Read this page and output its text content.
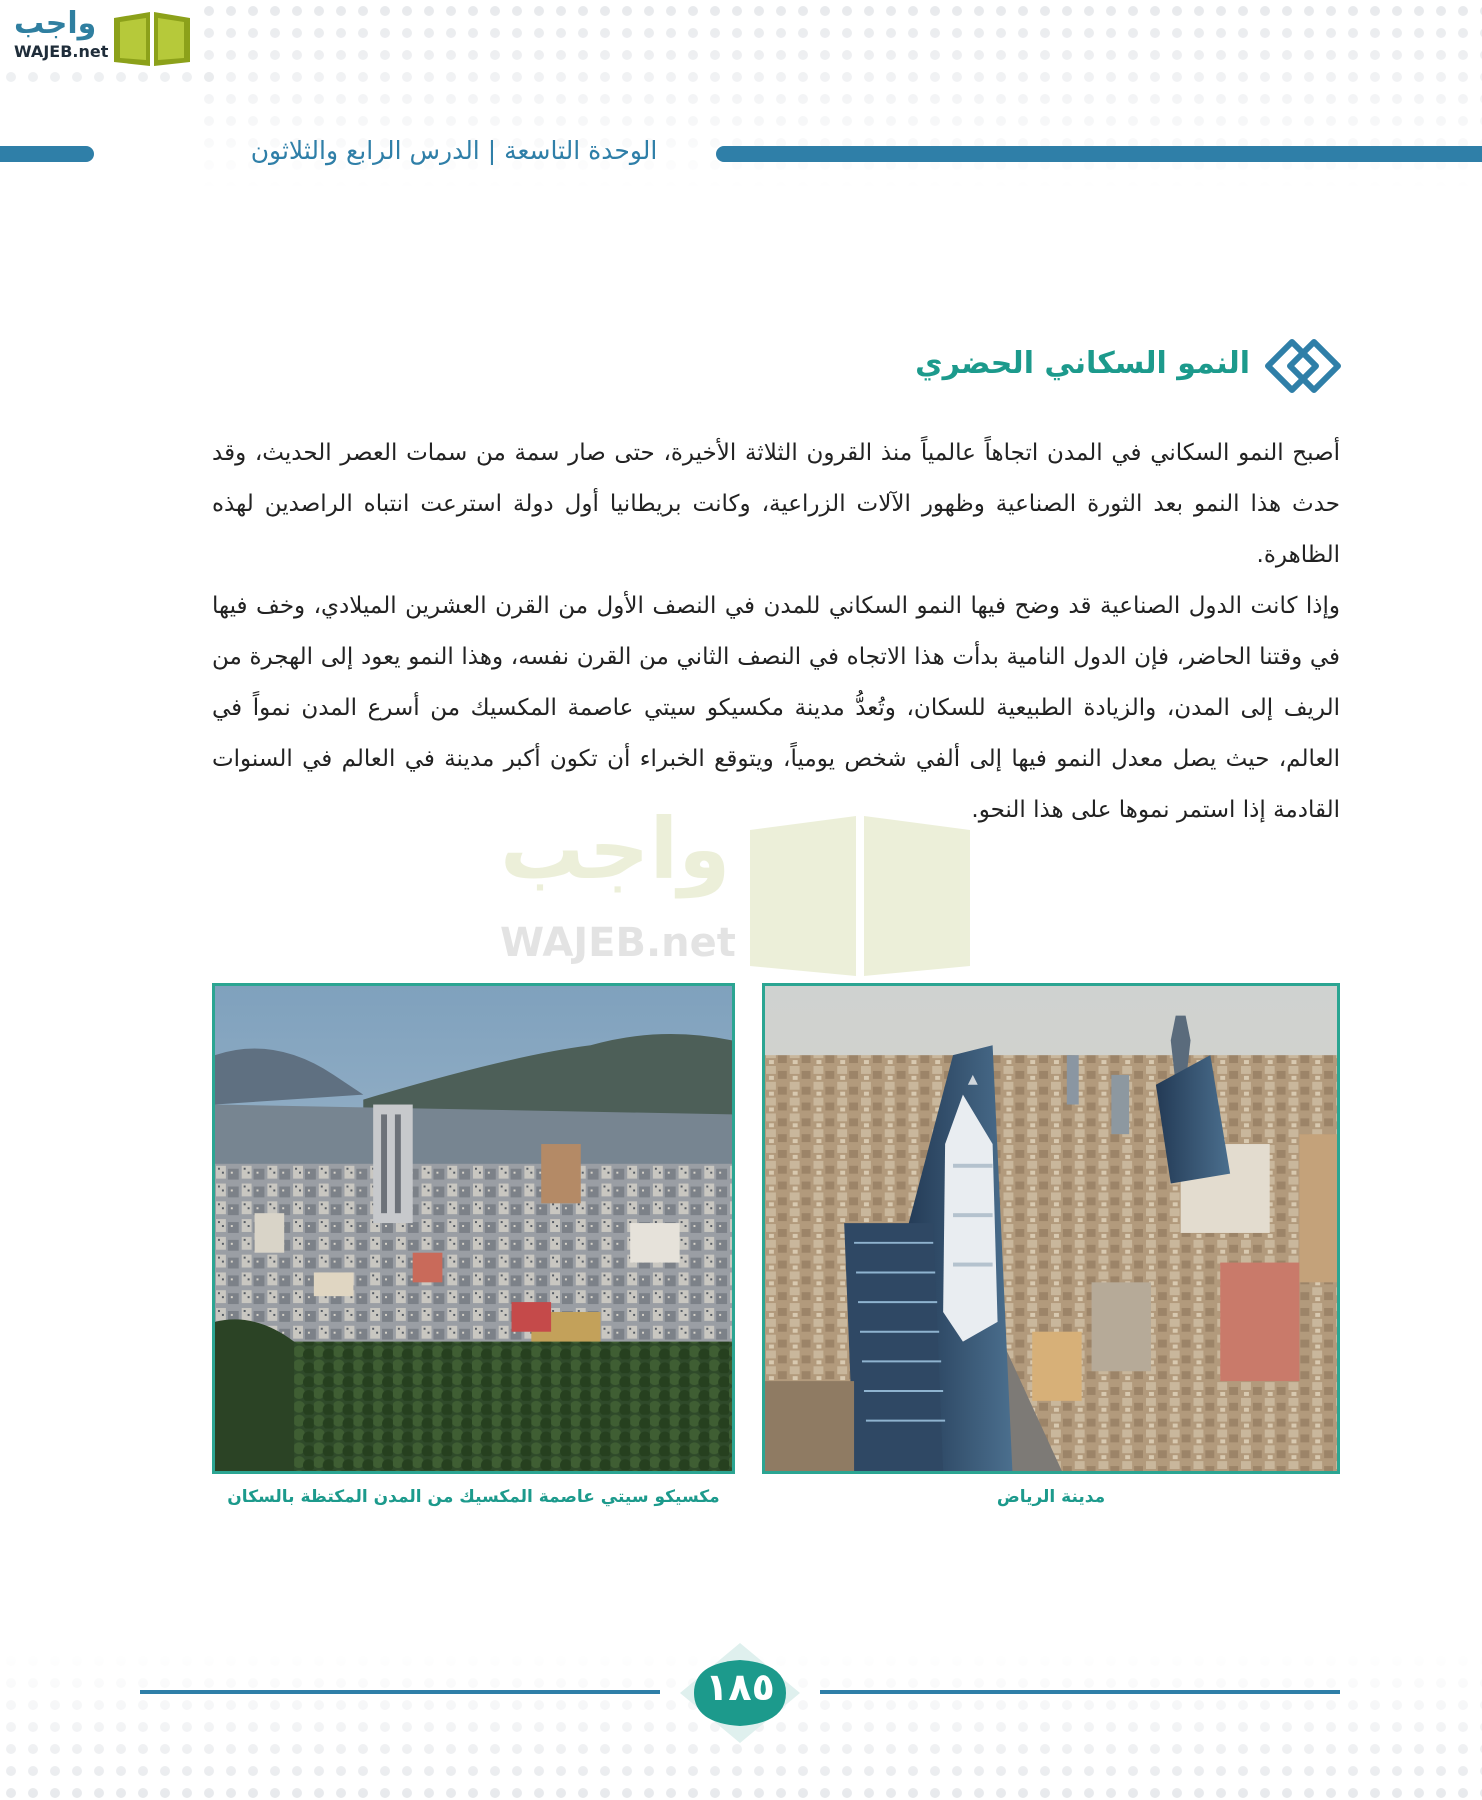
واجب
WAJEB.net
الوحدة التاسعة | الدرس الرابع والثلاثون
النمو السكاني الحضري
واجب
WAJEB.net

أصبح النمو السكاني في المدن اتجاهاً عالمياً منذ القرون الثلاثة الأخيرة، حتى صار سمة من سمات العصر الحديث، وقد حدث هذا النمو بعد الثورة الصناعية وظهور الآلات الزراعية، وكانت بريطانيا أول دولة استرعت انتباه الراصدين لهذه الظاهرة.

وإذا كانت الدول الصناعية قد وضح فيها النمو السكاني للمدن في النصف الأول من القرن العشرين الميلادي، وخف فيها في وقتنا الحاضر، فإن الدول النامية بدأت هذا الاتجاه في النصف الثاني من القرن نفسه، وهذا النمو يعود إلى الهجرة من الريف إلى المدن، والزيادة الطبيعية للسكان، وتُعدُّ مدينة مكسيكو سيتي عاصمة المكسيك من أسرع المدن نمواً في العالم، حيث يصل معدل النمو فيها إلى ألفي شخص يومياً، ويتوقع الخبراء أن تكون أكبر مدينة في العالم في السنوات القادمة إذا استمر نموها على هذا النحو.

مكسيكو سيتي عاصمة المكسيك من المدن المكتظة بالسكان	مدينة الرياض
١٨٥
